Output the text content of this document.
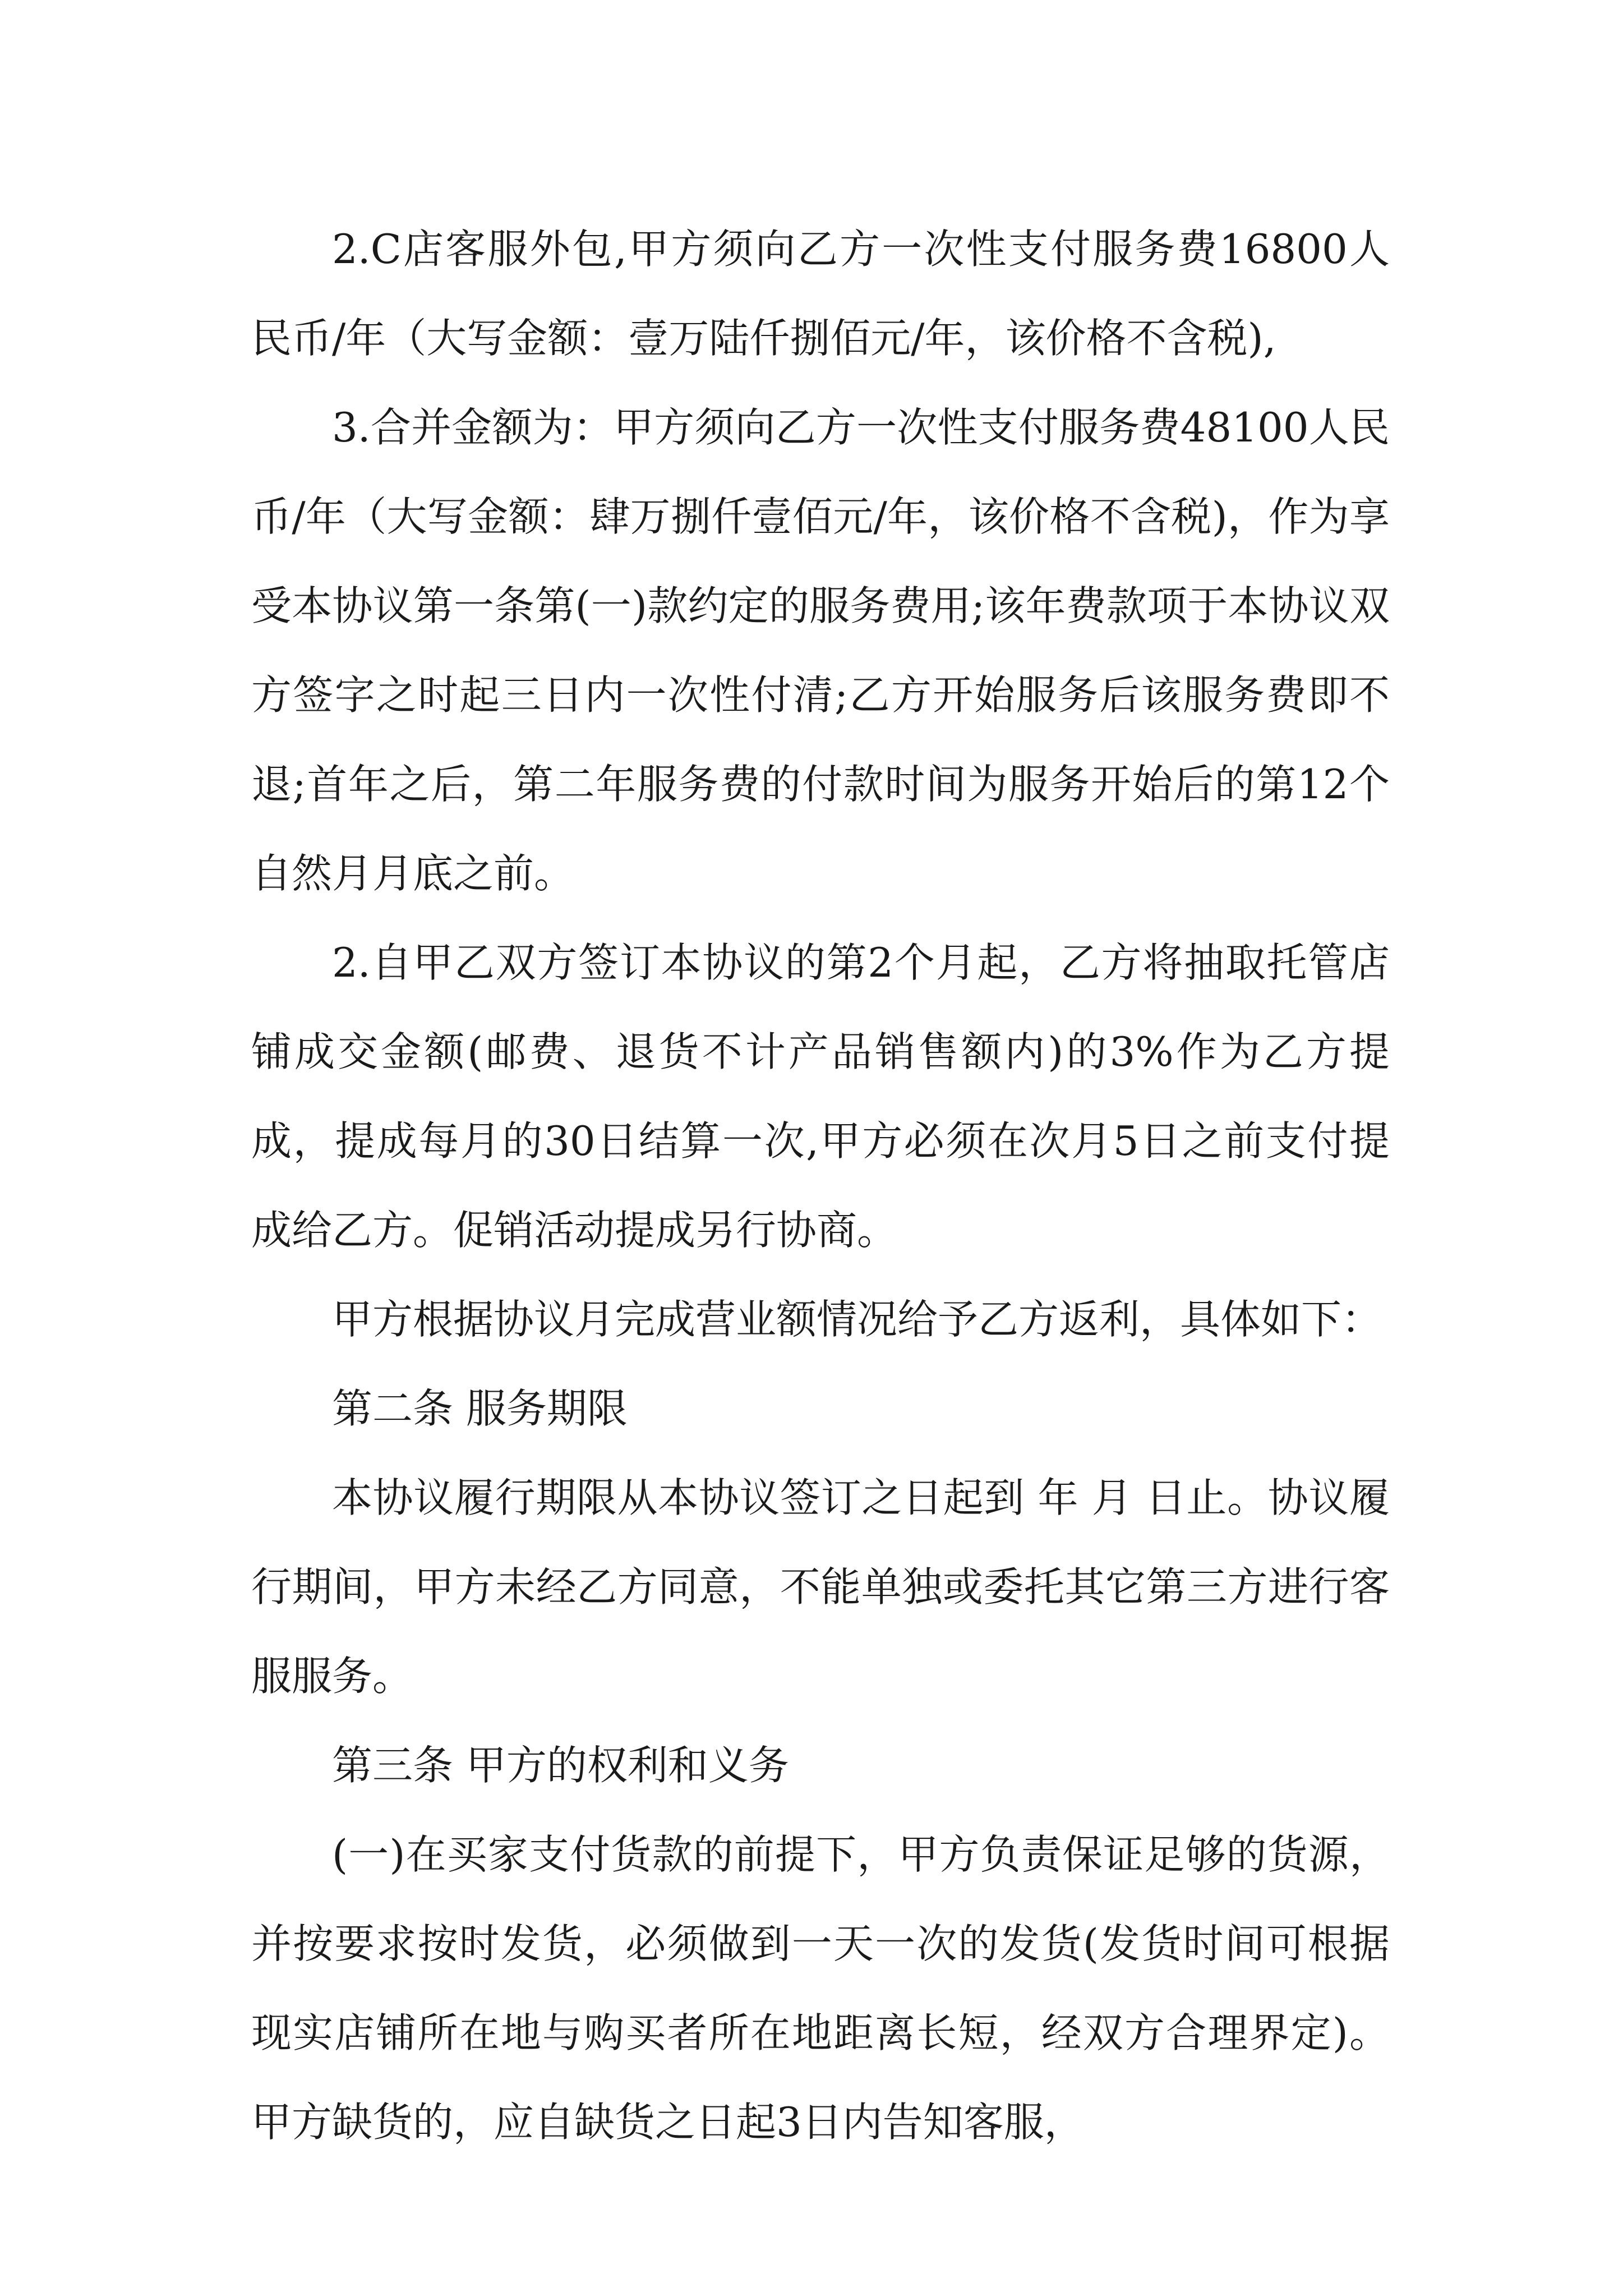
2.C店客服外包,甲方须向乙方一次性支付服务费16800人民币/年（大写金额：壹万陆仟捌佰元/年，该价格不含税),

3.合并金额为：甲方须向乙方一次性支付服务费48100人民币/年（大写金额：肆万捌仟壹佰元/年，该价格不含税)，作为享受本协议第一条第(一)款约定的服务费用;该年费款项于本协议双方签字之时起三日内一次性付清;乙方开始服务后该服务费即不退;首年之后，第二年服务费的付款时间为服务开始后的第12个自然月月底之前。

2.自甲乙双方签订本协议的第2个月起，乙方将抽取托管店铺成交金额(邮费、退货不计产品销售额内)的3%作为乙方提成，提成每月的30日结算一次,甲方必须在次月5日之前支付提成给乙方。促销活动提成另行协商。

甲方根据协议月完成营业额情况给予乙方返利，具体如下：

第二条 服务期限

本协议履行期限从本协议签订之日起到 年 月 日止。协议履行期间，甲方未经乙方同意，不能单独或委托其它第三方进行客服服务。

第三条 甲方的权利和义务

(一)在买家支付货款的前提下，甲方负责保证足够的货源，并按要求按时发货，必须做到一天一次的发货(发货时间可根据现实店铺所在地与购买者所在地距离长短，经双方合理界定)。甲方缺货的，应自缺货之日起3日内告知客服，
